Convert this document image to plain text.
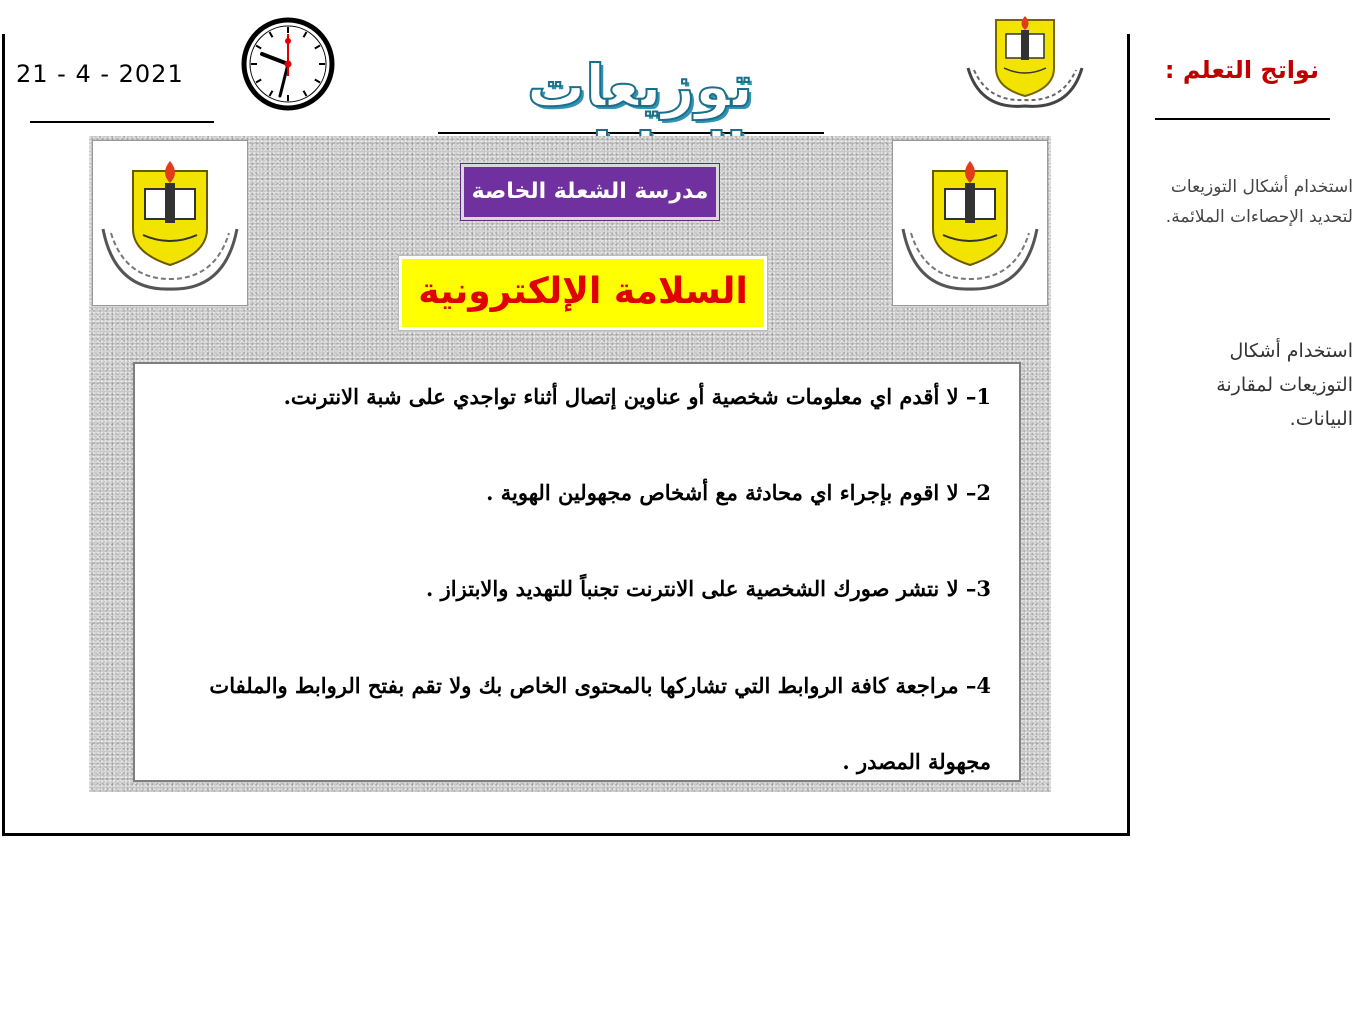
21 - 4 - 2021	توزيعات	نواتج التعلم :
استخدام أشكال التوزيعات لتحديد الإحصاءات الملائمة.
استخدام أشكال التوزيعات لمقارنة البيانات.
مدرسة الشعلة الخاصة
السلامة الإلكترونية
1– لا أقدم اي معلومات شخصية أو عناوين إتصال أثناء تواجدي على شبة الانترنت.
2– لا اقوم بإجراء اي محادثة مع أشخاص مجهولين الهوية .
3– لا نتشر صورك الشخصية على الانترنت تجنباً للتهديد والابتزاز .
4– مراجعة كافة الروابط التي تشاركها بالمحتوى الخاص بك ولا تقم بفتح الروابط والملفات مجهولة المصدر .
